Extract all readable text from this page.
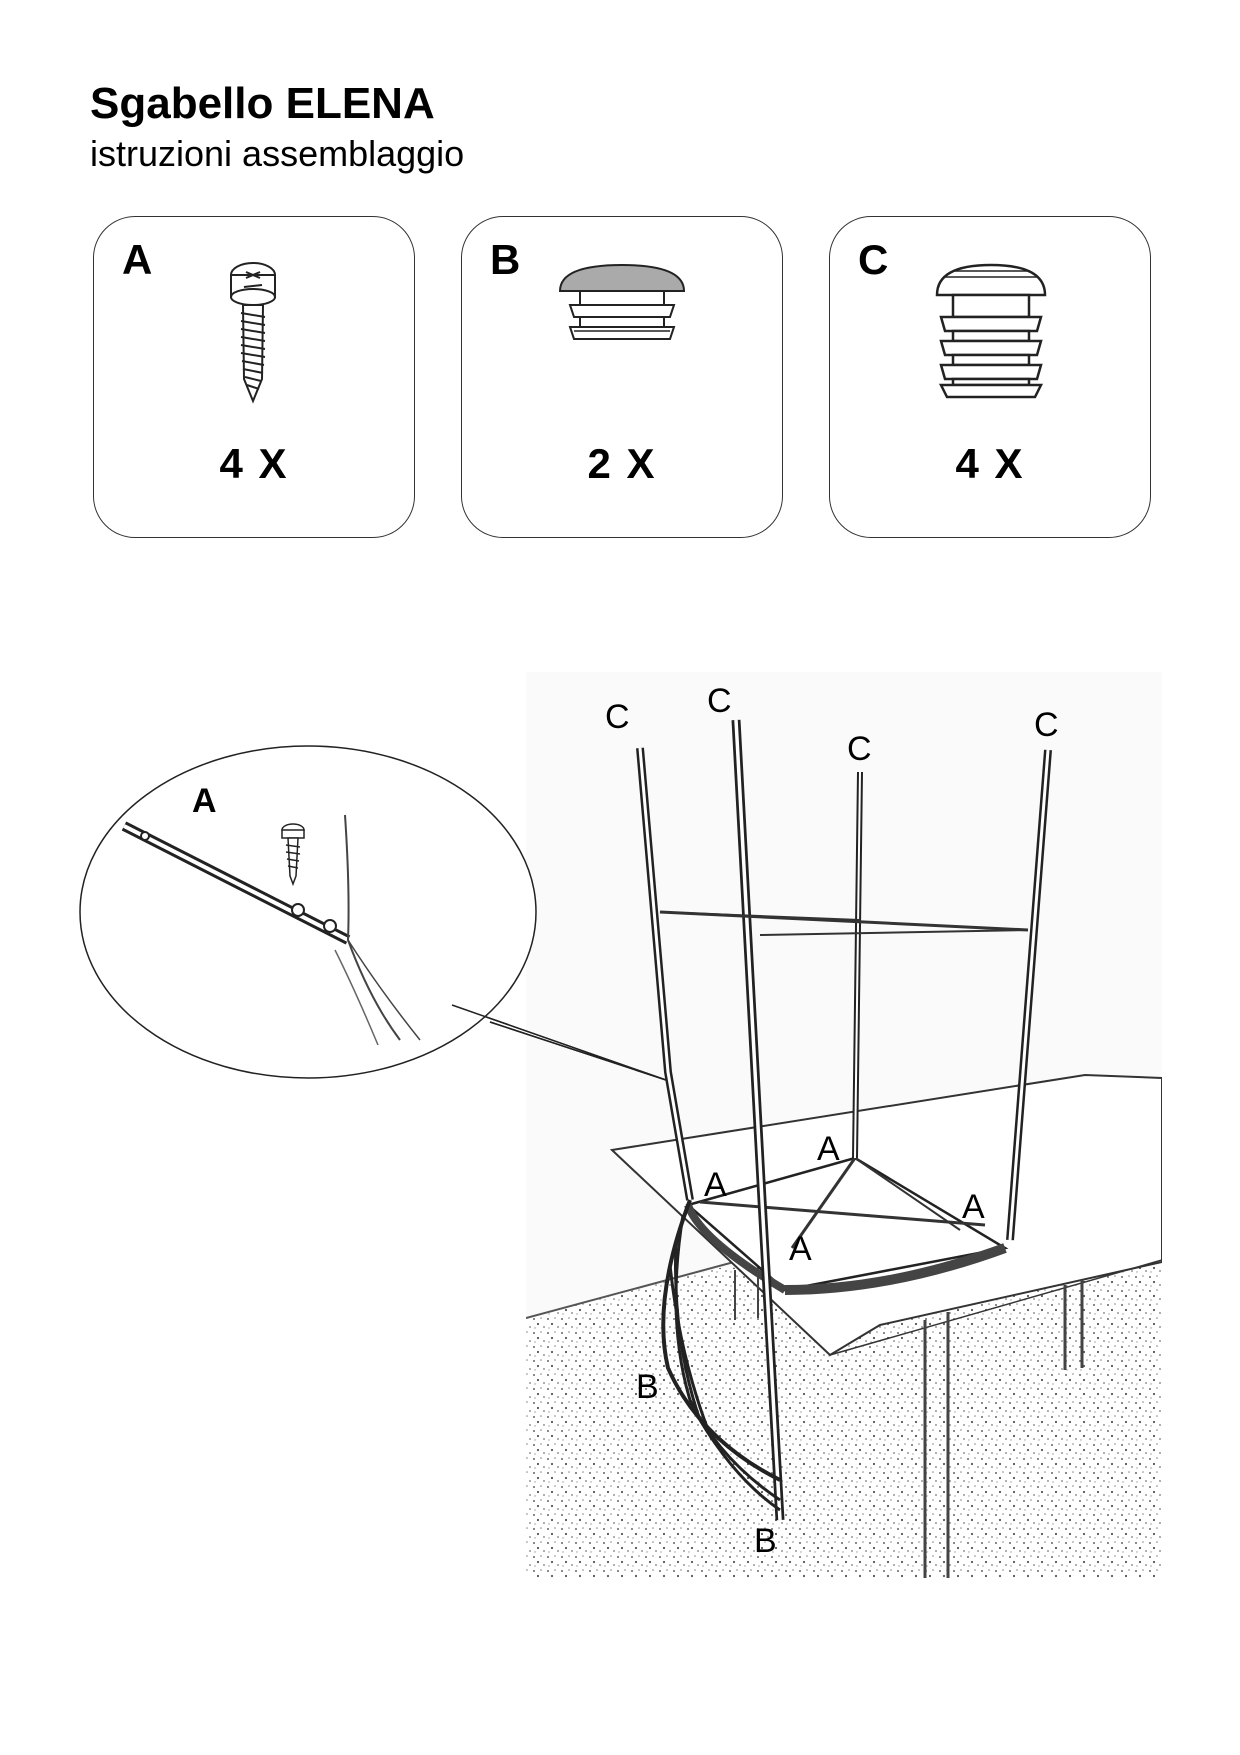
Sgabello ELENA
istruzioni assemblaggio
A
4 X
B
2 X
C
4 X
A
C C
C
C
A
A
A
A
B
B
